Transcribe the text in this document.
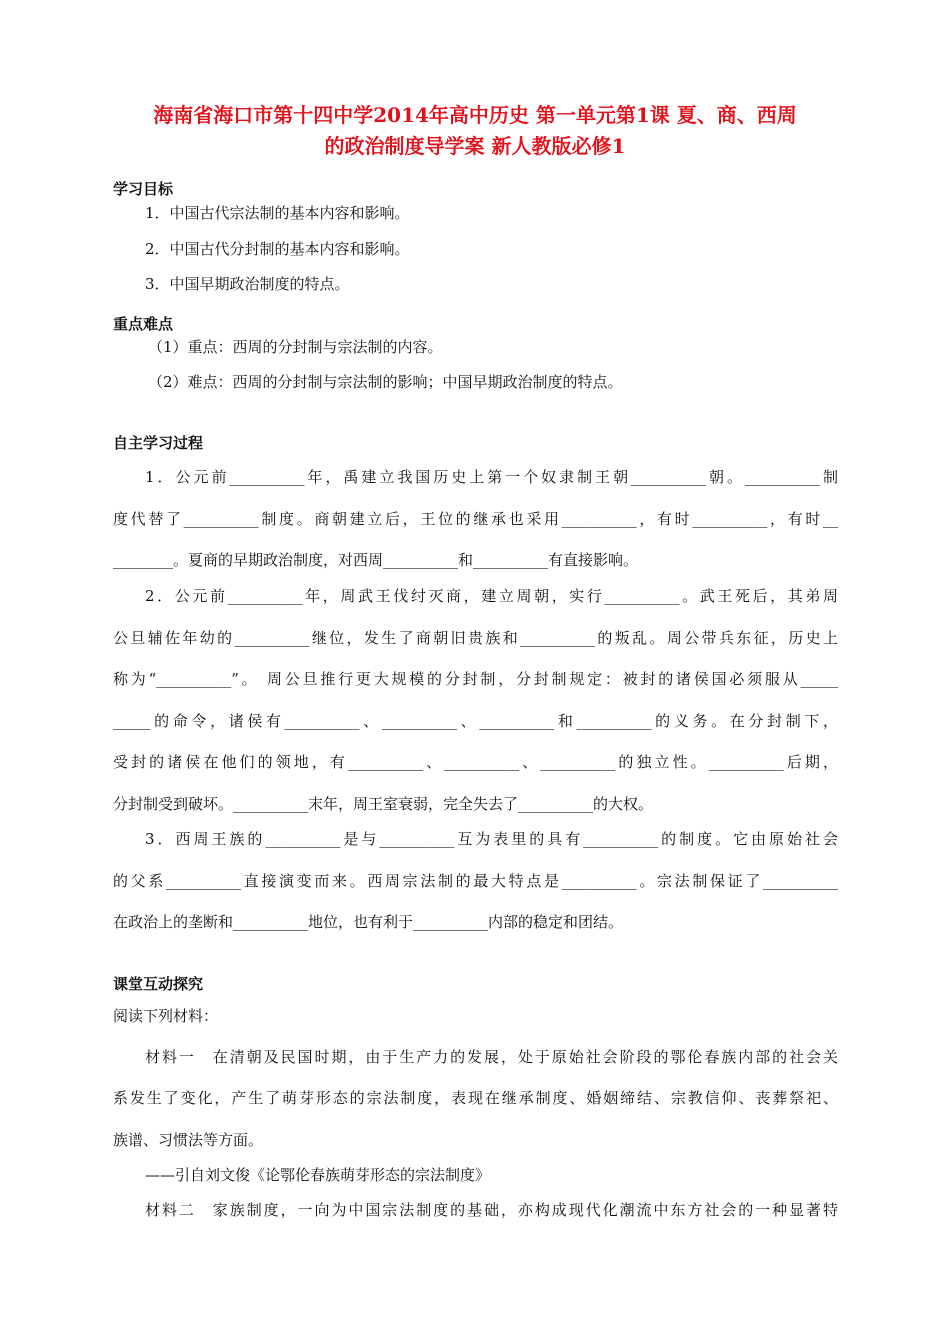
海南省海口市第十四中学2014年高中历史 第一单元第1课 夏、商、西周
的政治制度导学案 新人教版必修1
学习目标
1．中国古代宗法制的基本内容和影响。
2．中国古代分封制的基本内容和影响。
3．中国早期政治制度的特点。
重点难点
（1）重点：西周的分封制与宗法制的内容。
（2）难点：西周的分封制与宗法制的影响；中国早期政治制度的特点。
自主学习过程
1．公元前__________年，禹建立我国历史上第一个奴隶制王朝__________朝。__________制
度代替了__________制度。商朝建立后，王位的继承也采用__________，有时__________，有时__
________。夏商的早期政治制度，对西周__________和__________有直接影响。
2．公元前__________年，周武王伐纣灭商，建立周朝，实行__________。武王死后，其弟周
公旦辅佐年幼的__________继位，发生了商朝旧贵族和__________的叛乱。周公带兵东征，历史上
称为“__________”。 周公旦推行更大规模的分封制，分封制规定：被封的诸侯国必须服从_____
_____的命令，诸侯有__________、__________、__________和__________的义务。在分封制下，
受封的诸侯在他们的领地，有__________、__________、__________的独立性。__________后期，
分封制受到破坏。__________末年，周王室衰弱，完全失去了__________的大权。
3．西周王族的__________是与__________互为表里的具有__________的制度。它由原始社会
的父系__________直接演变而来。西周宗法制的最大特点是__________。宗法制保证了__________
在政治上的垄断和__________地位，也有利于__________内部的稳定和团结。
课堂互动探究
阅读下列材料：
材料一　在清朝及民国时期，由于生产力的发展，处于原始社会阶段的鄂伦春族内部的社会关
系发生了变化，产生了萌芽形态的宗法制度，表现在继承制度、婚姻缔结、宗教信仰、丧葬祭祀、
族谱、习惯法等方面。
——引自刘文俊《论鄂伦春族萌芽形态的宗法制度》
材料二　家族制度，一向为中国宗法制度的基础，亦构成现代化潮流中东方社会的一种显著特
